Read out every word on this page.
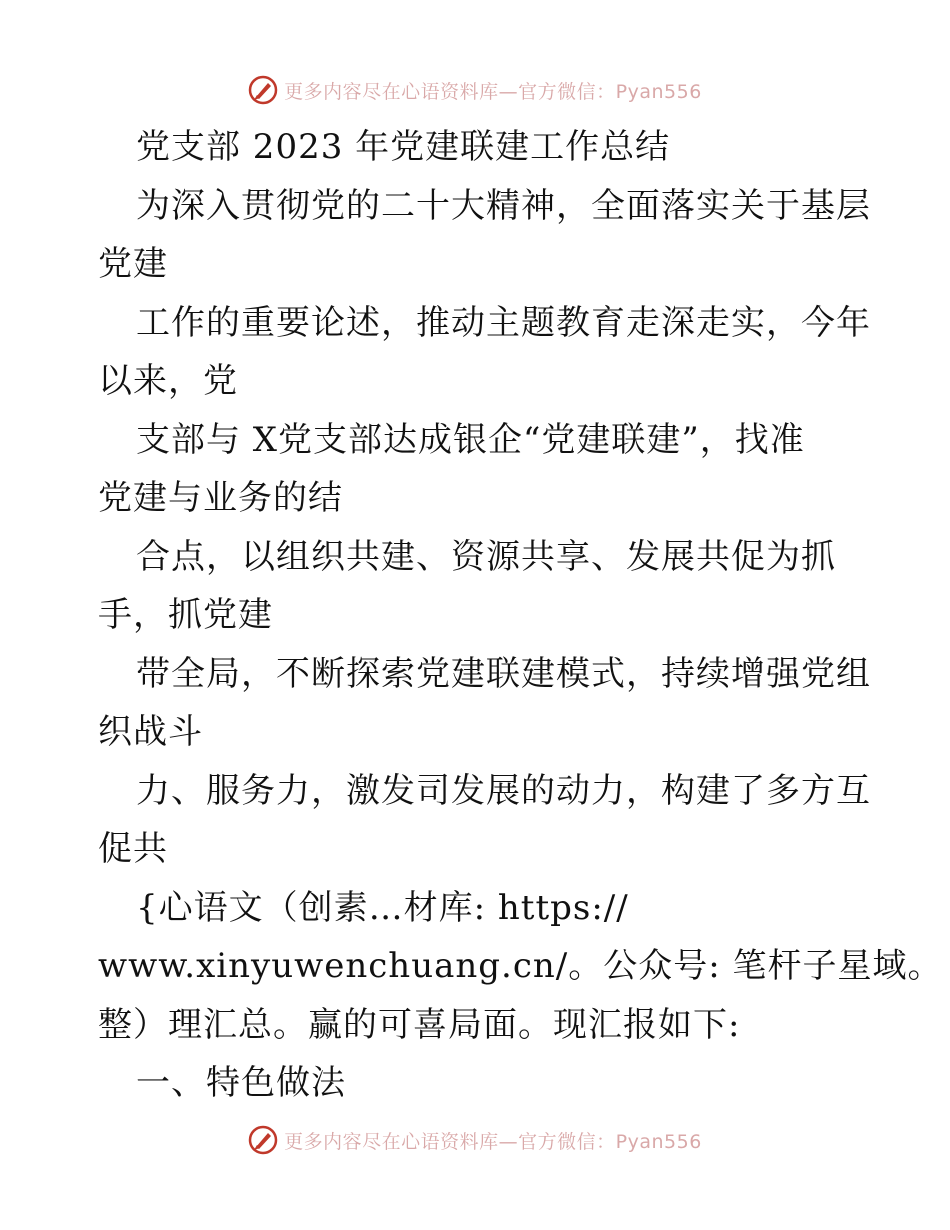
更多内容尽在心语资料库—官方微信：Pyan556
党支部 2023 年党建联建工作总结
为深入贯彻党的二十大精神，全面落实关于基层
党建
工作的重要论述，推动主题教育走深走实，今年
以来，党
支部与 X党支部达成银企“党建联建”，找准
党建与业务的结
合点，以组织共建、资源共享、发展共促为抓
手，抓党建
带全局，不断探索党建联建模式，持续增强党组
织战斗
力、服务力，激发司发展的动力，构建了多方互
促共
{心语文（创素…材库: https://
www.xinyuwenchuang.cn/。公众号: 笔杆子星域。
整）理汇总。赢的可喜局面。现汇报如下:
一、特色做法
更多内容尽在心语资料库—官方微信：Pyan556
